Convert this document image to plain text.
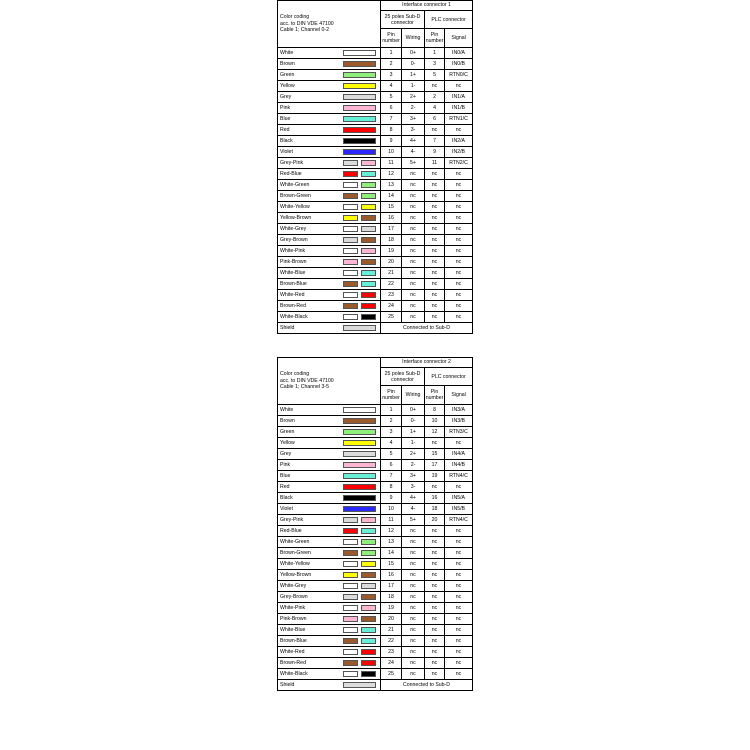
Color coding
acc. to DIN VDE 47100
Cable 1; Channel 0-2		Interface connector 1			
		25 poles Sub-D connector		PLC connector	
		Pin number	Wiring	Pin number	Signal
White		1	0+	1	IN0/A
Brown		2	0-	3	IN0/B
Green		3	1+	5	RTN0/C
Yellow		4	1-	nc	nc
Grey		5	2+	2	IN1/A
Pink		6	2-	4	IN1/B
Blue		7	3+	6	RTN1/C
Red		8	3-	nc	nc
Black		9	4+	7	IN2/A
Violet		10	4-	9	IN2/B
Grey-Pink		11	5+	11	RTN2/C
Red-Blue		12	nc	nc	nc
White-Green		13	nc	nc	nc
Brown-Green		14	nc	nc	nc
White-Yellow		15	nc	nc	nc
Yellow-Brown		16	nc	nc	nc
White-Grey		17	nc	nc	nc
Grey-Brown		18	nc	nc	nc
White-Pink		19	nc	nc	nc
Pink-Brown		20	nc	nc	nc
White-Blue		21	nc	nc	nc
Brown-Blue		22	nc	nc	nc
White-Red		23	nc	nc	nc
Brown-Red		24	nc	nc	nc
White-Black		25	nc	nc	nc
Shield		Connected to Sub-D			
Color coding
acc. to DIN VDE 47100
Cable 1; Channel 3-5		Interface connector 2			
		25 poles Sub-D connector		PLC connector	
		Pin number	Wiring	Pin number	Signal
White		1	0+	8	IN3/A
Brown		2	0-	10	IN3/B
Green		3	1+	12	RTN3/C
Yellow		4	1-	nc	nc
Grey		5	2+	15	IN4/A
Pink		6	2-	17	IN4/B
Blue		7	3+	19	RTN4/C
Red		8	3-	nc	nc
Black		9	4+	16	IN5/A
Violet		10	4-	18	IN5/B
Grey-Pink		11	5+	20	RTN4/C
Red-Blue		12	nc	nc	nc
White-Green		13	nc	nc	nc
Brown-Green		14	nc	nc	nc
White-Yellow		15	nc	nc	nc
Yellow-Brown		16	nc	nc	nc
White-Grey		17	nc	nc	nc
Grey-Brown		18	nc	nc	nc
White-Pink		19	nc	nc	nc
Pink-Brown		20	nc	nc	nc
White-Blue		21	nc	nc	nc
Brown-Blue		22	nc	nc	nc
White-Red		23	nc	nc	nc
Brown-Red		24	nc	nc	nc
White-Black		25	nc	nc	nc
Shield		Connected to Sub-D			
